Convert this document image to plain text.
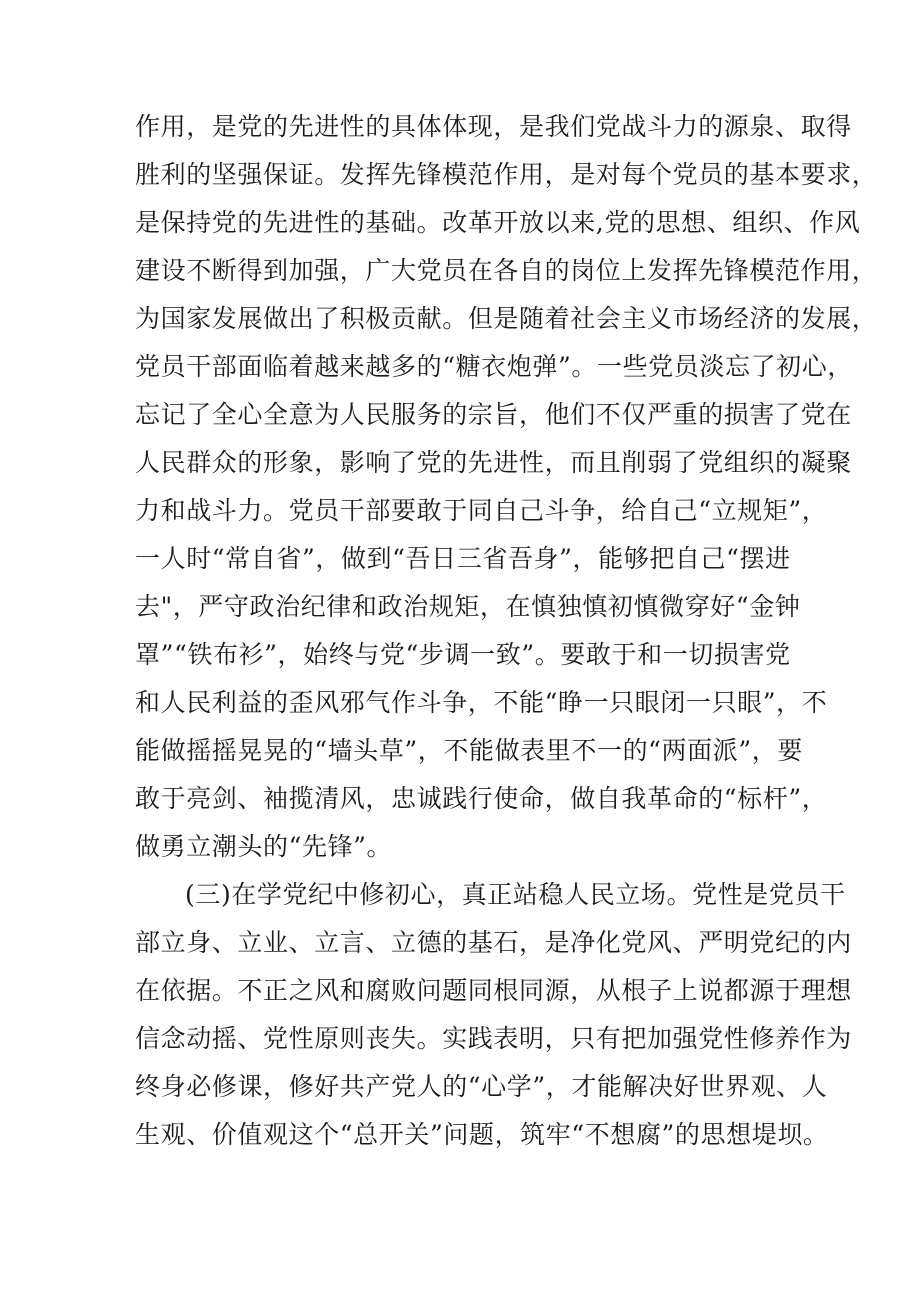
作用，是党的先进性的具体体现，是我们党战斗力的源泉、取得
胜利的坚强保证。发挥先锋模范作用，是对每个党员的基本要求，
是保持党的先进性的基础。改革开放以来,党的思想、组织、作风
建设不断得到加强，广大党员在各自的岗位上发挥先锋模范作用，
为国家发展做出了积极贡献。但是随着社会主义市场经济的发展，
党员干部面临着越来越多的“糖衣炮弹”。一些党员淡忘了初心，
忘记了全心全意为人民服务的宗旨，他们不仅严重的损害了党在
人民群众的形象，影响了党的先进性，而且削弱了党组织的凝聚
力和战斗力。党员干部要敢于同自己斗争，给自己“立规矩”，
一人时“常自省”，做到“吾日三省吾身”，能够把自己“摆进
去"，严守政治纪律和政治规矩，在慎独慎初慎微穿好“金钟
罩”“铁布衫”，始终与党“步调一致”。要敢于和一切损害党
和人民利益的歪风邪气作斗争，不能“睁一只眼闭一只眼”，不
能做摇摇晃晃的“墙头草”，不能做表里不一的“两面派”，要
敢于亮剑、袖揽清风，忠诚践行使命，做自我革命的“标杆”，
做勇立潮头的“先锋”。
(三)在学党纪中修初心，真正站稳人民立场。党性是党员干
部立身、立业、立言、立德的基石，是净化党风、严明党纪的内
在依据。不正之风和腐败问题同根同源，从根子上说都源于理想
信念动摇、党性原则丧失。实践表明，只有把加强党性修养作为
终身必修课，修好共产党人的“心学”，才能解决好世界观、人
生观、价值观这个“总开关”问题，筑牢“不想腐”的思想堤坝。
